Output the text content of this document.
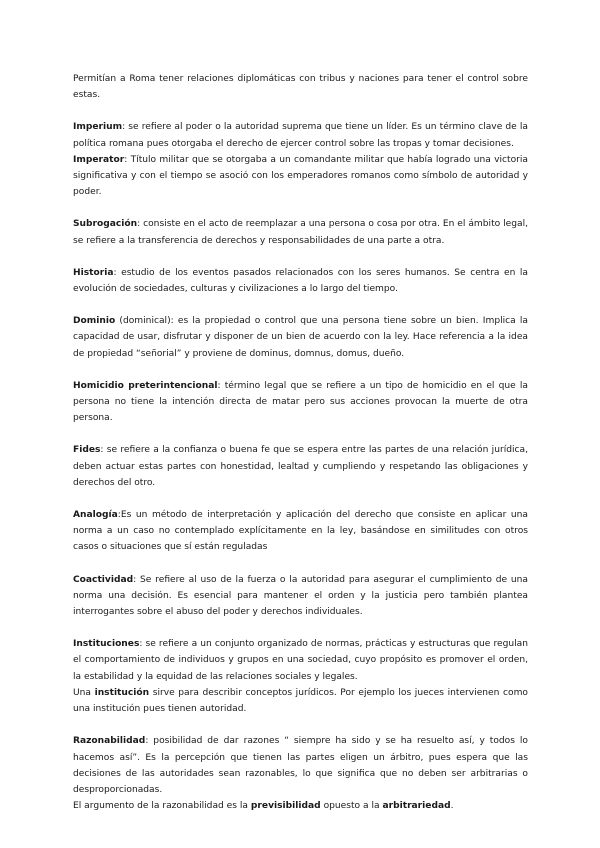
Permitían a Roma tener relaciones diplomáticas con tribus y naciones para tener el control sobre estas.

Imperium: se refiere al poder o la autoridad suprema que tiene un líder. Es un término clave de la política romana pues otorgaba el derecho de ejercer control sobre las tropas y tomar decisiones.

Imperator: Título militar que se otorgaba a un comandante militar que había logrado una victoria significativa y con el tiempo se asoció con los emperadores romanos como símbolo de autoridad y poder.

Subrogación: consiste en el acto de reemplazar a una persona o cosa por otra. En el ámbito legal, se refiere a la transferencia de derechos y responsabilidades de una parte a otra.

Historia: estudio de los eventos pasados relacionados con los seres humanos. Se centra en la evolución de sociedades, culturas y civilizaciones a lo largo del tiempo.

Dominio (dominical): es la propiedad o control que una persona tiene sobre un bien. Implica la capacidad de usar, disfrutar y disponer de un bien de acuerdo con la ley. Hace referencia a la idea de propiedad “señorial” y proviene de dominus, domnus, domus, dueño.

Homicidio preterintencional: término legal que se refiere a un tipo de homicidio en el que la persona no tiene la intención directa de matar pero sus acciones provocan la muerte de otra persona.

Fides: se refiere a la confianza o buena fe que se espera entre las partes de una relación jurídica, deben actuar estas partes con honestidad, lealtad y cumpliendo y respetando las obligaciones y derechos del otro.

Analogía:Es un método de interpretación y aplicación del derecho que consiste en aplicar una norma a un caso no contemplado explícitamente en la ley, basándose en similitudes con otros casos o situaciones que sí están reguladas

Coactividad: Se refiere al uso de la fuerza o la autoridad para asegurar el cumplimiento de una norma una decisión. Es esencial para mantener el orden y la justicia pero también plantea interrogantes sobre el abuso del poder y derechos individuales.

Instituciones: se refiere a un conjunto organizado de normas, prácticas y estructuras que regulan el comportamiento de individuos y grupos en una sociedad, cuyo propósito es promover el orden, la estabilidad y la equidad de las relaciones sociales y legales.

Una institución sirve para describir conceptos jurídicos. Por ejemplo los jueces intervienen como una institución pues tienen autoridad.

Razonabilidad: posibilidad de dar razones “ siempre ha sido y se ha resuelto así, y todos lo hacemos así”. Es la percepción que tienen las partes eligen un árbitro, pues espera que las decisiones de las autoridades sean razonables, lo que significa que no deben ser arbitrarias o desproporcionadas.

El argumento de la razonabilidad es la previsibilidad opuesto a la arbitrariedad.
